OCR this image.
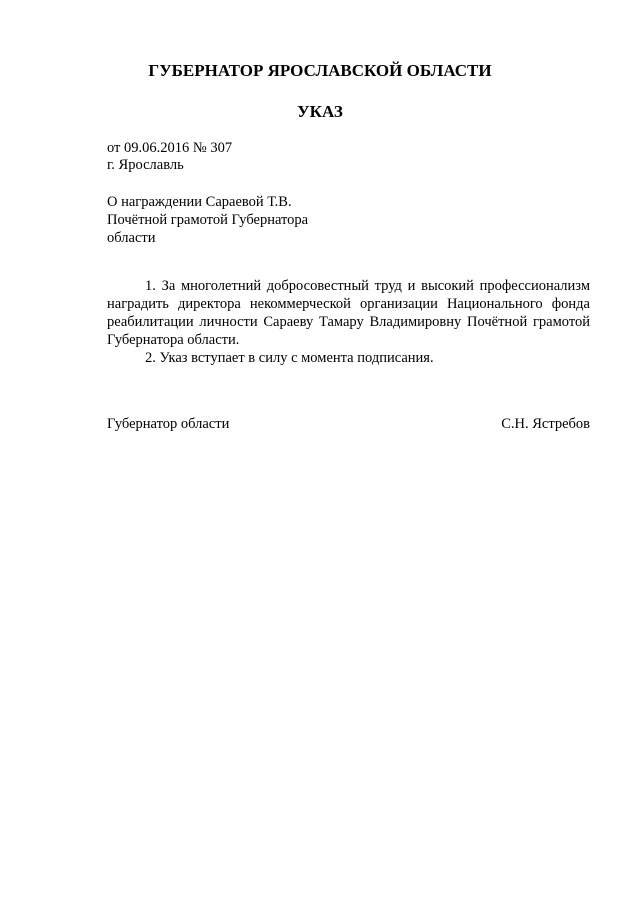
ГУБЕРНАТОР ЯРОСЛАВСКОЙ ОБЛАСТИ
УКАЗ
от 09.06.2016 № 307
г. Ярославль
О награждении Сараевой Т.В.
Почётной грамотой Губернатора
области
1. За многолетний добросовестный труд и высокий профессионализм
наградить директора некоммерческой организации Национального фонда
реабилитации личности Сараеву Тамару Владимировну Почётной грамотой
Губернатора области.
2. Указ вступает в силу с момента подписания.
Губернатор области	С.Н. Ястребов
